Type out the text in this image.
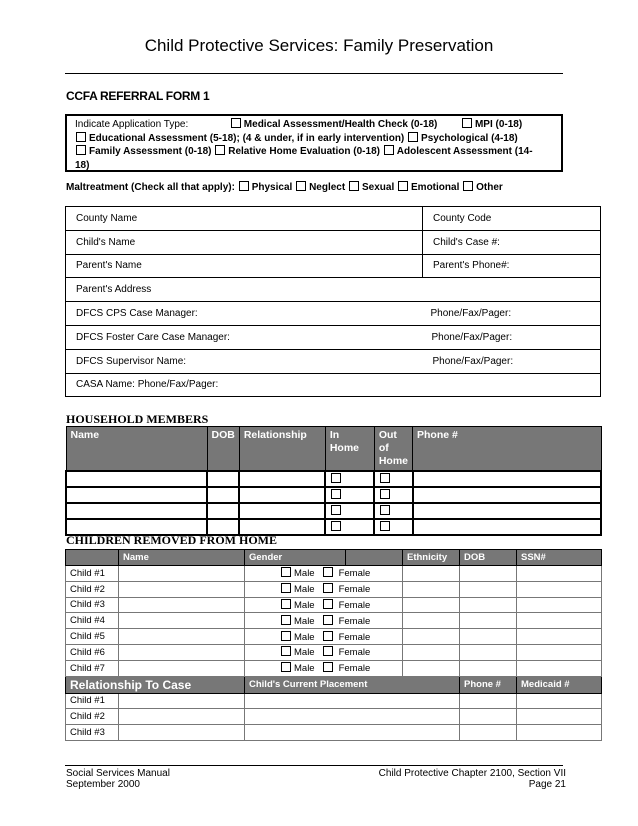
Child Protective Services: Family Preservation
CCFA REFERRAL FORM 1
Indicate Application Type:	Medical Assessment/Health Check (0-18)	MPI (0-18)
Educational Assessment (5-18); (4 & under, if in early intervention) Psychological (4-18)
Family Assessment (0-18) Relative Home Evaluation (0-18) Adolescent Assessment (14-
18)
Maltreatment (Check all that apply): Physical Neglect Sexual Emotional Other
County Name	County Code
Child's Name	Child's Case #:
Parent's Name	Parent's Phone#:
Parent's Address	
DFCS CPS Case Manager: Phone/Fax/Pager:	

DFCS Foster Care Case Manager: Phone/Fax/Pager:	

DFCS Supervisor Name: Phone/Fax/Pager:	

CASA Name: Phone/Fax/Pager:	
HOUSEHOLD MEMBERS
Name	DOB	Relationship	In Home	Out of Home	Phone #

CHILDREN REMOVED FROM HOME
	Name	Gender		Ethnicity	DOB	SSN#
Child #1		Male Female				
Child #2		Male Female				
Child #3		Male Female				
Child #4		Male Female				
Child #5		Male Female				
Child #6		Male Female				
Child #7		Male Female				
Relationship To Case		Child's Current Placement			Phone #	Medicaid #
Child #1						
Child #2						
Child #3						
Social Services Manual
September 2000
Child Protective Chapter 2100, Section VII
Page 21
